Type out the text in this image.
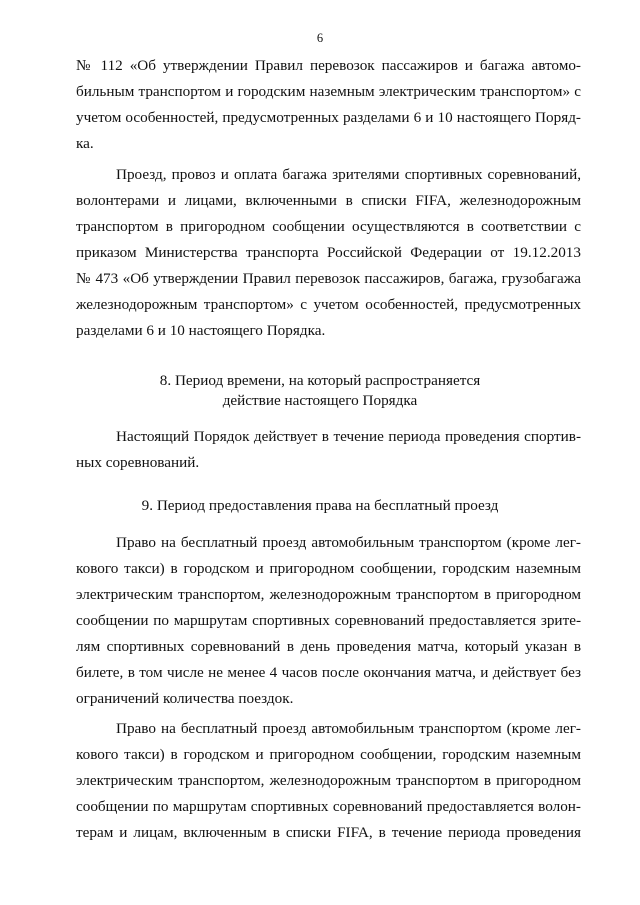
6
№ 112 «Об утверждении Правил перевозок пассажиров и багажа автомо-
бильным транспортом и городским наземным электрическим транспортом» с
учетом особенностей, предусмотренных разделами 6 и 10 настоящего Поряд-
ка.
Проезд, провоз и оплата багажа зрителями спортивных соревнований,
волонтерами и лицами, включенными в списки FIFA, железнодорожным
транспортом в пригородном сообщении осуществляются в соответствии с
приказом Министерства транспорта Российской Федерации от 19.12.2013
№ 473 «Об утверждении Правил перевозок пассажиров, багажа, грузобагажа
железнодорожным транспортом» с учетом особенностей, предусмотренных
разделами 6 и 10 настоящего Порядка.
8. Период времени, на который распространяется
действие настоящего Порядка
Настоящий Порядок действует в течение периода проведения спортив-
ных соревнований.
9. Период предоставления права на бесплатный проезд
Право на бесплатный проезд автомобильным транспортом (кроме лег-
кового такси) в городском и пригородном сообщении, городским наземным
электрическим транспортом, железнодорожным транспортом в пригородном
сообщении по маршрутам спортивных соревнований предоставляется зрите-
лям спортивных соревнований в день проведения матча, который указан в
билете, в том числе не менее 4 часов после окончания матча, и действует без
ограничений количества поездок.
Право на бесплатный проезд автомобильным транспортом (кроме лег-
кового такси) в городском и пригородном сообщении, городским наземным
электрическим транспортом, железнодорожным транспортом в пригородном
сообщении по маршрутам спортивных соревнований предоставляется волон-
терам и лицам, включенным в списки FIFA, в течение периода проведения
